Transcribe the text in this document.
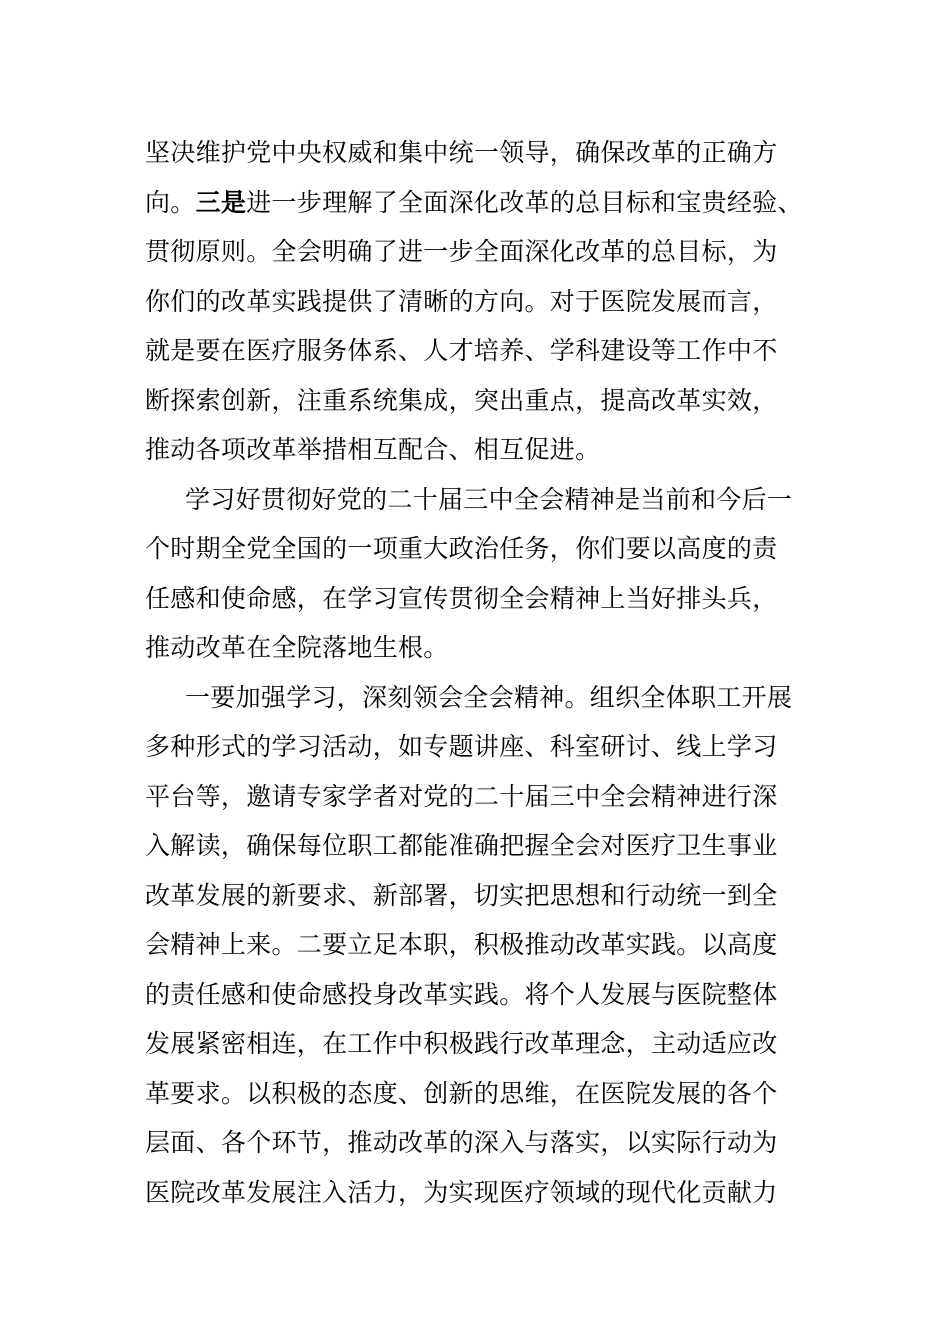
坚决维护党中央权威和集中统一领导，确保改革的正确方
向。三是进一步理解了全面深化改革的总目标和宝贵经验、
贯彻原则。全会明确了进一步全面深化改革的总目标，为
你们的改革实践提供了清晰的方向。对于医院发展而言，
就是要在医疗服务体系、人才培养、学科建设等工作中不
断探索创新，注重系统集成，突出重点，提高改革实效，
推动各项改革举措相互配合、相互促进。
学习好贯彻好党的二十届三中全会精神是当前和今后一
个时期全党全国的一项重大政治任务，你们要以高度的责
任感和使命感，在学习宣传贯彻全会精神上当好排头兵，
推动改革在全院落地生根。
一要加强学习，深刻领会全会精神。组织全体职工开展
多种形式的学习活动，如专题讲座、科室研讨、线上学习
平台等，邀请专家学者对党的二十届三中全会精神进行深
入解读，确保每位职工都能准确把握全会对医疗卫生事业
改革发展的新要求、新部署，切实把思想和行动统一到全
会精神上来。二要立足本职，积极推动改革实践。以高度
的责任感和使命感投身改革实践。将个人发展与医院整体
发展紧密相连，在工作中积极践行改革理念，主动适应改
革要求。以积极的态度、创新的思维，在医院发展的各个
层面、各个环节，推动改革的深入与落实，以实际行动为
医院改革发展注入活力，为实现医疗领域的现代化贡献力
